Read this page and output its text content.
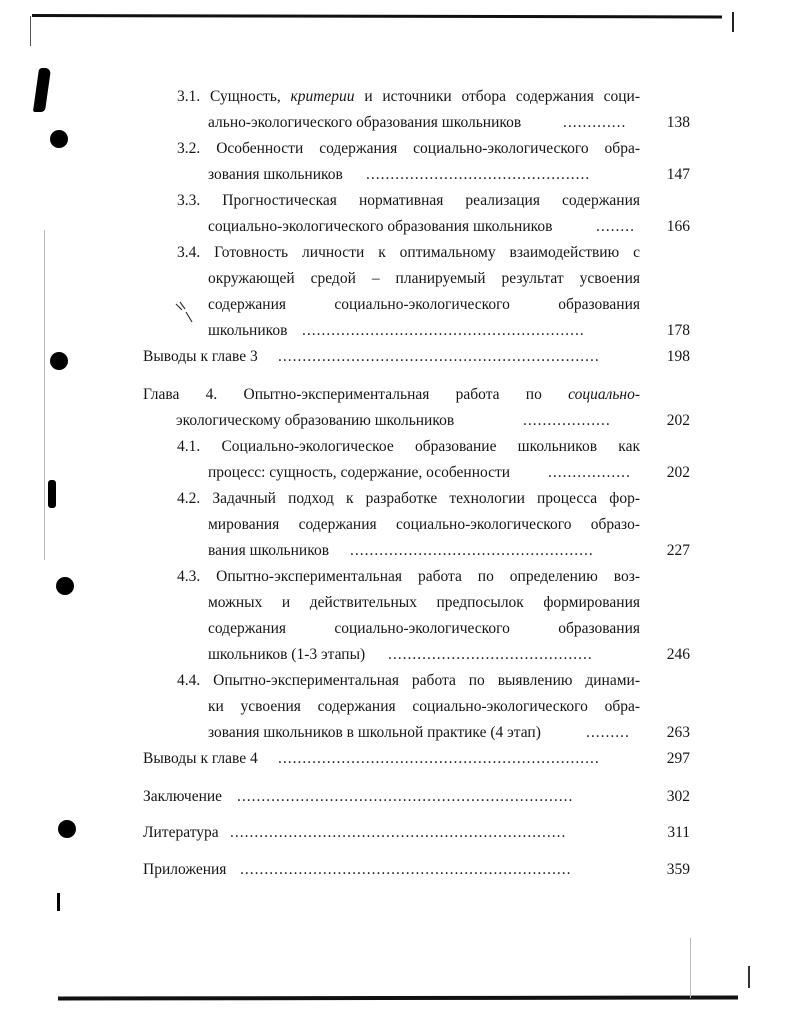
3.1. Сущность, критерии и источники отбора содержания соци-
ально-экологического образования школьников	.............	138
3.2. Особенности содержания социально-экологического обра-
зования школьников ..............................................	147
3.3. Прогностическая нормативная реализация содержания
социально-экологического образования школьников	........	166
3.4. Готовность личности к оптимальному взаимодействию с
окружающей средой – планируемый результат усвоения
содержания социально-экологического образования
школьников ..........................................................	178
Выводы к главе 3 ..................................................................	198
Глава 4. Опытно-экспериментальная работа по социально-
экологическому образованию школьников	..................	202
4.1. Социально-экологическое образование школьников как
процесс: сущность, содержание, особенности .................	202
4.2. Задачный подход к разработке технологии процесса фор-
мирования содержания социально-экологического образо-
вания школьников ..................................................	227
4.3. Опытно-экспериментальная работа по определению воз-
можных и действительных предпосылок формирования
содержания социально-экологического образования
школьников (1-3 этапы) ..........................................	246
4.4. Опытно-экспериментальная работа по выявлению динами-
ки усвоения содержания социально-экологического обра-
зования школьников в школьной практике (4 этап)	.........	263
Выводы к главе 4 ..................................................................	297
Заключение .....................................................................	302
Литература .....................................................................	311
Приложения ....................................................................	359
